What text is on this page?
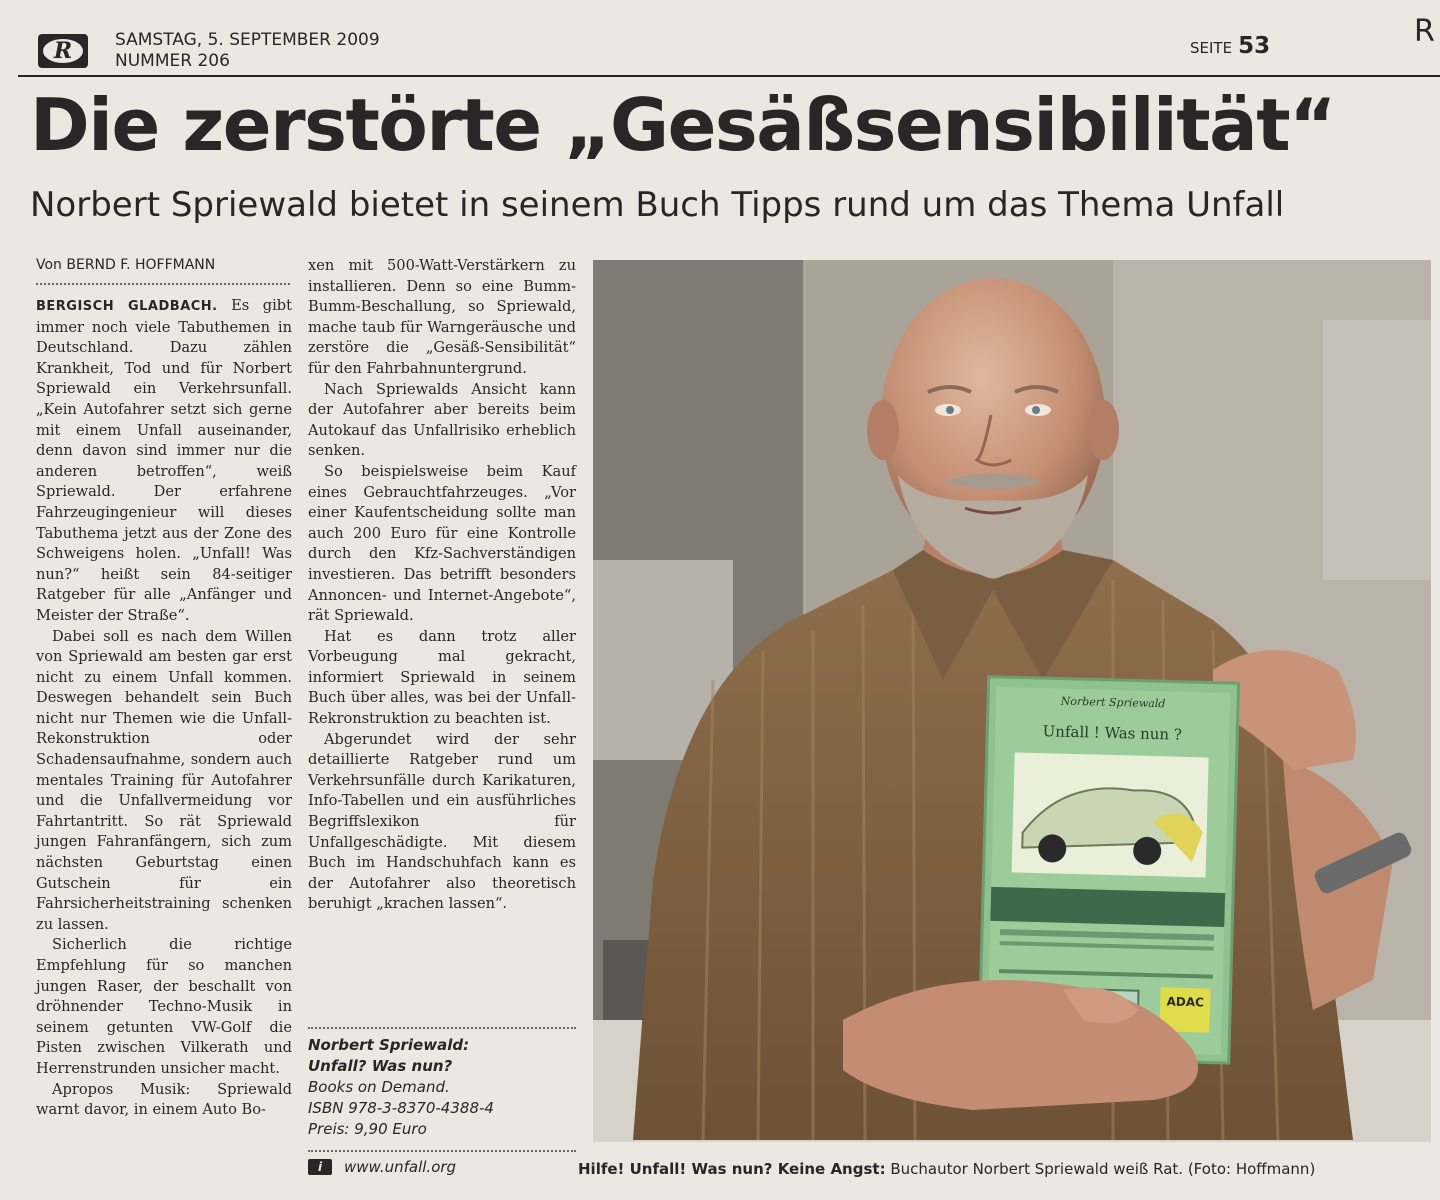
R	SAMSTAG, 5. SEPTEMBER 2009
NUMMER 206
SEITE 53	R
Die zerstörte „Gesäßsensibilität“
Norbert Spriewald bietet in seinem Buch Tipps rund um das Thema Unfall
Von BERND F. HOFFMANN

BERGISCH GLADBACH. Es gibt immer noch viele Tabuthemen in Deutschland. Dazu zählen Krankheit, Tod und für Norbert Spriewald ein Verkehrsunfall. „Kein Autofahrer setzt sich gerne mit einem Unfall auseinander, denn davon sind immer nur die anderen betroffen“, weiß Spriewald. Der erfahrene Fahrzeugingenieur will dieses Tabuthema jetzt aus der Zone des Schweigens holen. „Unfall! Was nun?“ heißt sein 84-seitiger Ratgeber für alle „Anfänger und Meister der Straße“.

Dabei soll es nach dem Willen von Spriewald am besten gar erst nicht zu einem Unfall kommen. Deswegen behandelt sein Buch nicht nur Themen wie die Unfall-Rekonstruktion oder Schadensaufnahme, sondern auch mentales Training für Autofahrer und die Unfallvermeidung vor Fahrtantritt. So rät Spriewald jungen Fahranfängern, sich zum nächsten Geburtstag einen Gutschein für ein Fahrsicherheitstraining schenken zu lassen.

Sicherlich die richtige Empfehlung für so manchen jungen Raser, der beschallt von dröhnender Techno-Musik in seinem getunten VW-Golf die Pisten zwischen Vilkerath und Herrenstrunden unsicher macht.

Apropos Musik: Spriewald warnt davor, in einem Auto Bo-

xen mit 500-Watt-Verstärkern zu installieren. Denn so eine Bumm-Bumm-Beschallung, so Spriewald, mache taub für Warngeräusche und zerstöre die „Gesäß-Sensibilität“ für den Fahrbahnuntergrund.

Nach Spriewalds Ansicht kann der Autofahrer aber bereits beim Autokauf das Unfallrisiko erheblich senken.

So beispielsweise beim Kauf eines Gebrauchtfahrzeuges. „Vor einer Kaufentscheidung sollte man auch 200 Euro für eine Kontrolle durch den Kfz-Sachverständigen investieren. Das betrifft besonders Annoncen- und Internet-Angebote“, rät Spriewald.

Hat es dann trotz aller Vorbeugung mal gekracht, informiert Spriewald in seinem Buch über alles, was bei der Unfall-Rekronstruktion zu beachten ist.

Abgerundet wird der sehr detaillierte Ratgeber rund um Verkehrsunfälle durch Karikaturen, Info-Tabellen und ein ausführliches Begriffslexikon für Unfallgeschädigte. Mit diesem Buch im Handschuhfach kann es der Autofahrer also theoretisch beruhigt „krachen lassen“.

Norbert Spriewald:
Unfall? Was nun?
Books on Demand.
ISBN 978-3-8370-4388-4
Preis: 9,90 Euro
i	www.unfall.org
Norbert Spriewald
Unfall ! Was nun ?
ADAC
Hilfe! Unfall! Was nun? Keine Angst: Buchautor Norbert Spriewald weiß Rat. (Foto: Hoffmann)
